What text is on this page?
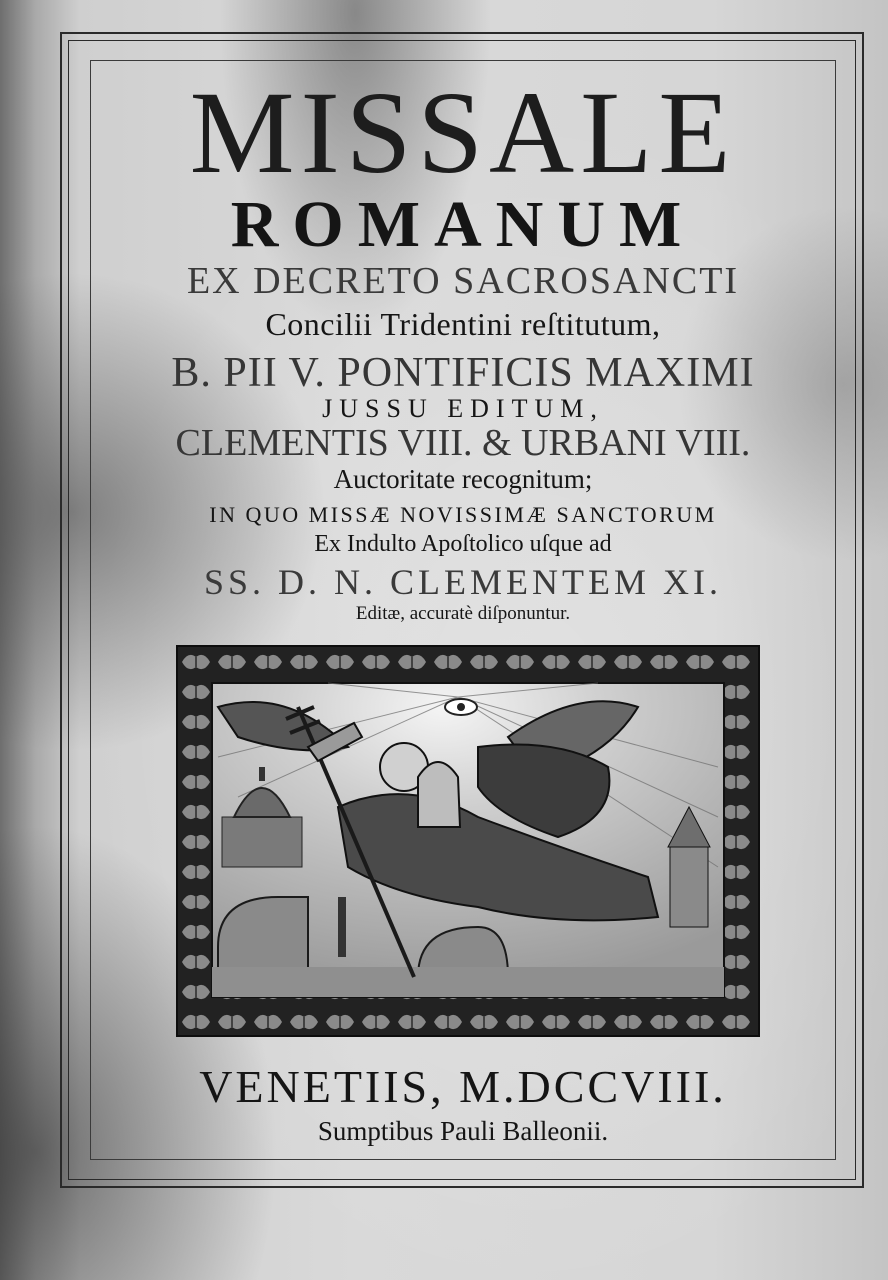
MISSALE
ROMANUM
EX DECRETO SACROSANCTI
Concilii Tridentini reſtitutum,
B. PII V. PONTIFICIS MAXIMI
JUSSU EDITUM,
CLEMENTIS VIII. & URBANI VIII.
Auctoritate recognitum;
IN QUO MISSÆ NOVISSIMÆ SANCTORUM
Ex Indulto Apoſtolico uſque ad
SS. D. N. CLEMENTEM XI.
Editæ, accuratè diſponuntur.
VENETIIS, M.DCCVIII.
Sumptibus Pauli Balleonii.
